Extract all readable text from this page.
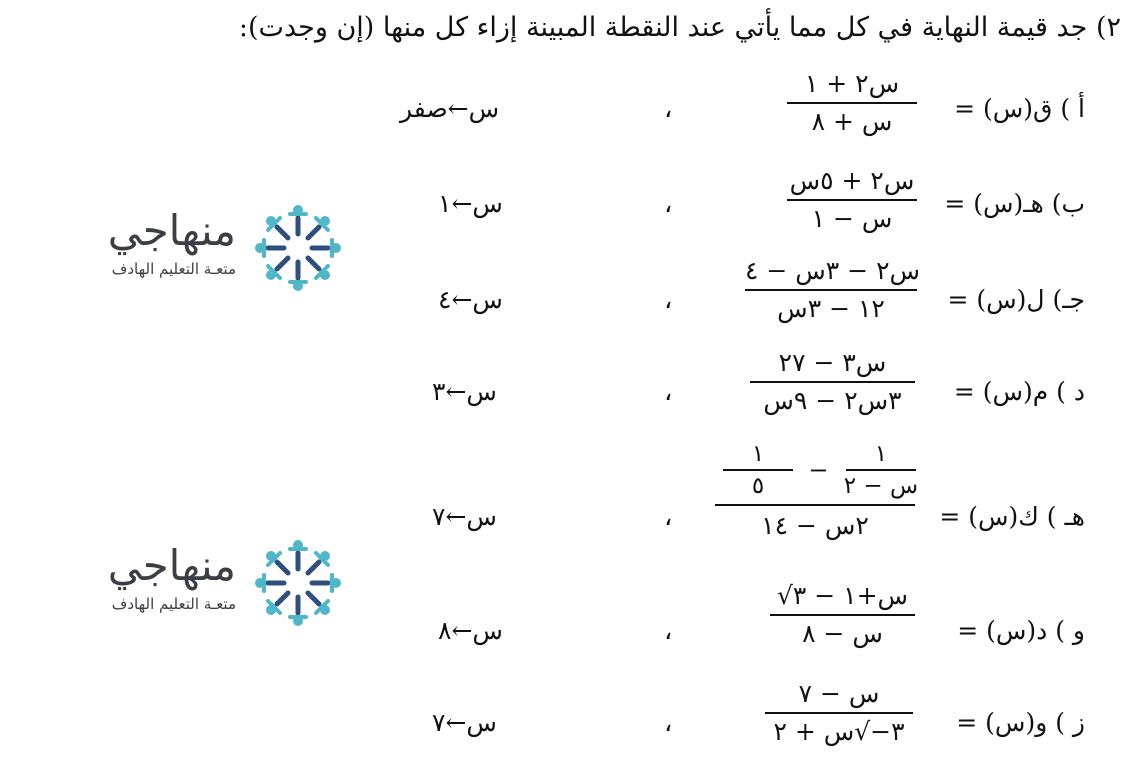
٢) جد قيمة النهاية في كل مما يأتي عند النقطة المبينة إزاء كل منها (إن وجدت):
أ ) ق(س) =
س٢ + ١
س + ٨
،
س←صفر
ب) هـ(س) =
س٢ + ٥س
س − ١
،
س←١
جـ) ل(س) =
س٢ − ٣س − ٤
١٢ − ٣س
،
س←٤
د ) م(س) =
س٣ − ٢٧
٣س٢ − ٩س
،
س←٣
هـ ) ك(س) =
١
٥
−
١
س − ٢
٢س − ١٤
،
س←٧
و ) د(س) =
√س+١ − ٣
س − ٨
،
س←٨
ز ) و(س) =
س − ٧
٣−√س + ٢
،
س←٧
منهاجي
متعـة التعليم الهادف
منهاجي
متعـة التعليم الهادف
